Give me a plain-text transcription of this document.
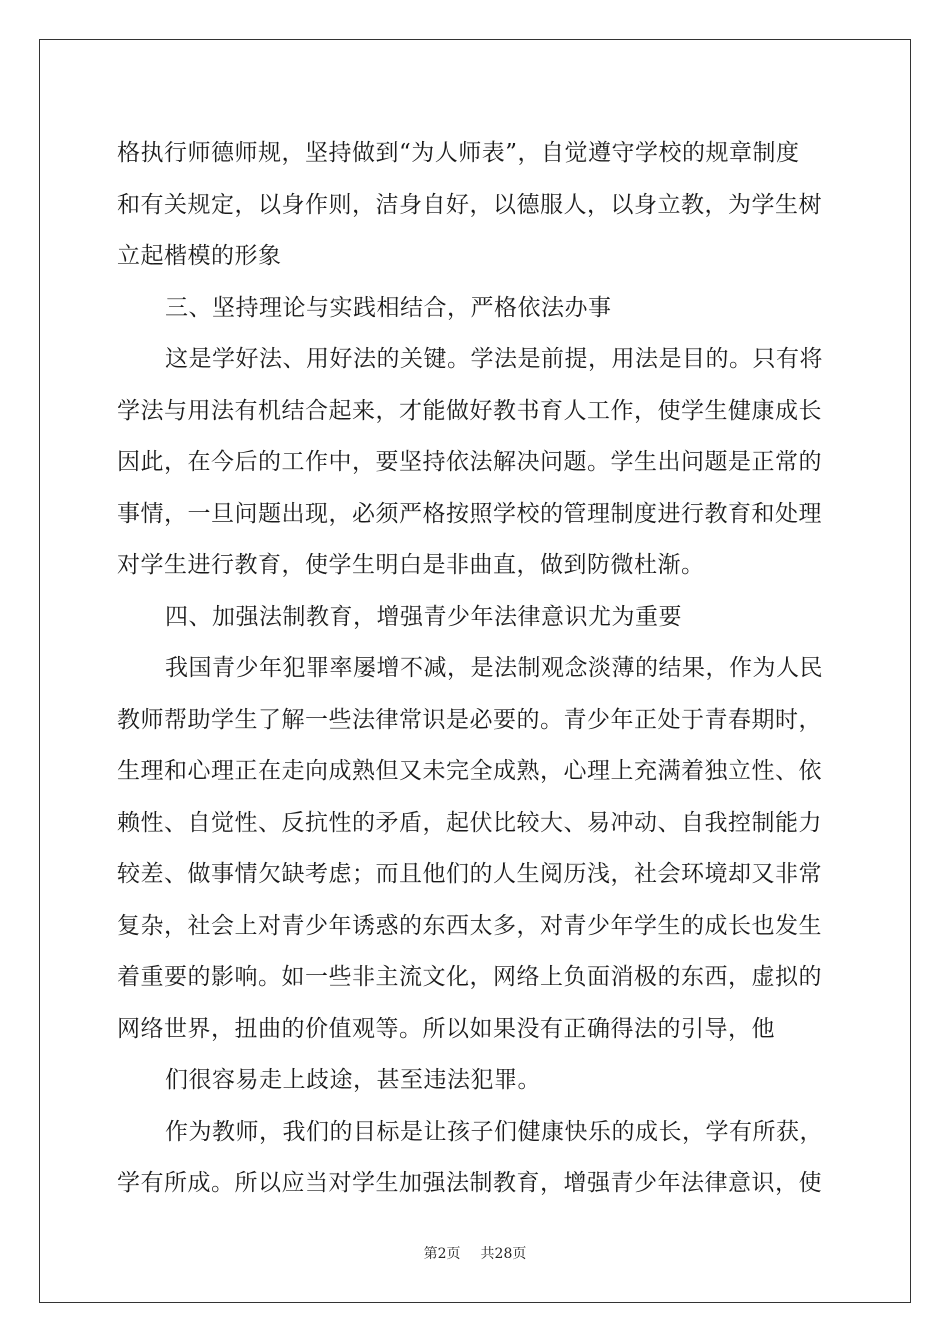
格执行师德师规，坚持做到“为人师表”，自觉遵守学校的规章制度
和有关规定，以身作则，洁身自好，以德服人，以身立教，为学生树
立起楷模的形象
三、坚持理论与实践相结合，严格依法办事
这是学好法、用好法的关键。学法是前提，用法是目的。只有将
学法与用法有机结合起来，才能做好教书育人工作，使学生健康成长
因此，在今后的工作中，要坚持依法解决问题。学生出问题是正常的
事情，一旦问题出现，必须严格按照学校的管理制度进行教育和处理
对学生进行教育，使学生明白是非曲直，做到防微杜渐。
四、加强法制教育，增强青少年法律意识尤为重要
我国青少年犯罪率屡增不减，是法制观念淡薄的结果，作为人民
教师帮助学生了解一些法律常识是必要的。青少年正处于青春期时，
生理和心理正在走向成熟但又未完全成熟，心理上充满着独立性、依
赖性、自觉性、反抗性的矛盾，起伏比较大、易冲动、自我控制能力
较差、做事情欠缺考虑；而且他们的人生阅历浅，社会环境却又非常
复杂，社会上对青少年诱惑的东西太多，对青少年学生的成长也发生
着重要的影响。如一些非主流文化，网络上负面消极的东西，虚拟的
网络世界，扭曲的价值观等。所以如果没有正确得法的引导，他
们很容易走上歧途，甚至违法犯罪。
作为教师，我们的目标是让孩子们健康快乐的成长，学有所获，
学有所成。所以应当对学生加强法制教育，增强青少年法律意识，使
第2页 共28页
